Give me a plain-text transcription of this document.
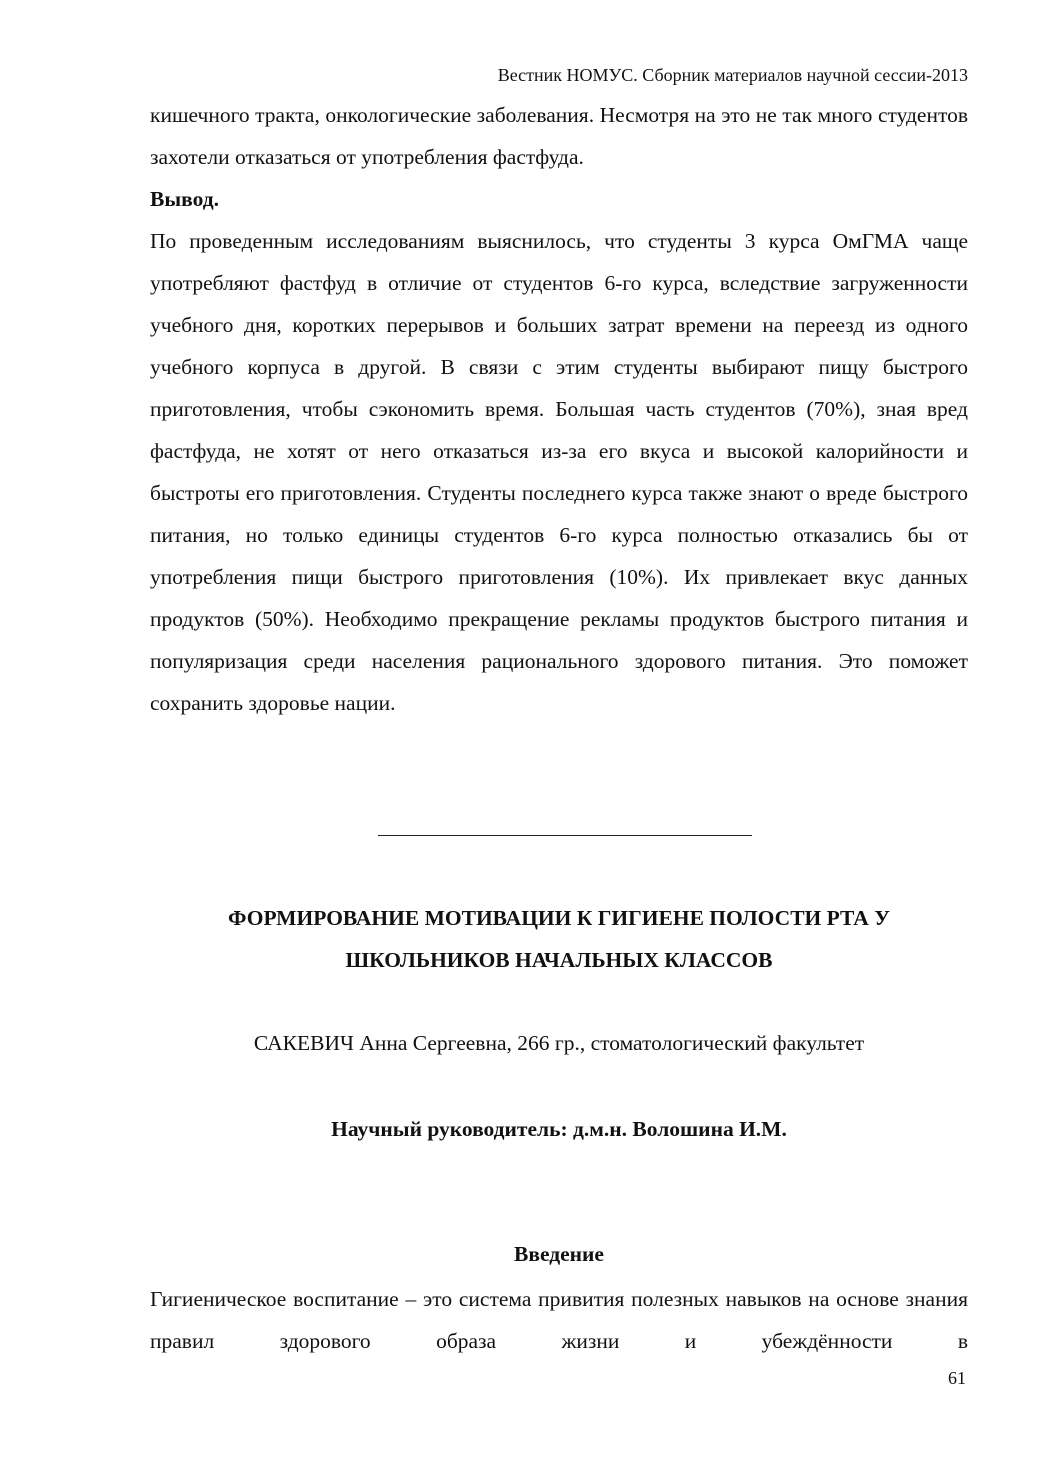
Вестник НОМУС. Сборник материалов научной сессии-2013

кишечного тракта, онкологические заболевания. Несмотря на это не так много студентов захотели отказаться от употребления фастфуда.

Вывод.

По проведенным исследованиям выяснилось, что студенты 3 курса ОмГМА чаще употребляют фастфуд в отличие от студентов 6-го курса, вследствие загруженности учебного дня, коротких перерывов и больших затрат времени на переезд из одного учебного корпуса в другой. В связи с этим студенты выбирают пищу быстрого приготовления, чтобы сэкономить время. Большая часть студентов (70%), зная вред фастфуда, не хотят от него отказаться из-за его вкуса и высокой калорийности и быстроты его приготовления. Студенты последнего курса также знают о вреде быстрого питания, но только единицы студентов 6-го курса полностью отказались бы от употребления пищи быстрого приготовления (10%). Их привлекает вкус данных продуктов (50%). Необходимо прекращение рекламы продуктов быстрого питания и популяризация среди населения рационального здорового питания. Это поможет сохранить здоровье нации.

ФОРМИРОВАНИЕ МОТИВАЦИИ К ГИГИЕНЕ ПОЛОСТИ РТА У
ШКОЛЬНИКОВ НАЧАЛЬНЫХ КЛАССОВ
САКЕВИЧ Анна Сергеевна, 266 гр., стоматологический факультет
Научный руководитель: д.м.н. Волошина И.М.
Введение

Гигиеническое воспитание – это система привития полезных навыков на основе знания правил здорового образа жизни и убеждённости в

61
